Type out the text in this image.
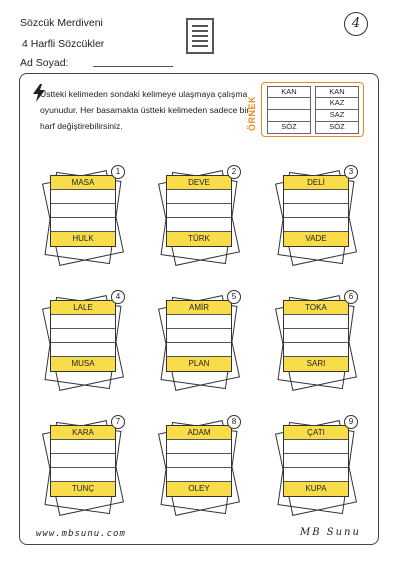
Sözcük Merdiveni
4 Harfli Sözcükler
Ad Soyad:
4
Üstteki kelimeden sondaki kelimeye ulaşmaya çalışma oyunudur. Her basamakta üstteki kelimeden sadece bir harf değiştirebilirsiniz.	ÖRNEK
KAN
SÖZ
KAN
KAZ
SAZ
SÖZ
MASA
HULK
1
DEVE
TÜRK
2
DELİ
VADE
3
LALE
MUSA
4
AMİR
PLAN
5
TOKA
SARI
6
KARA
TUNÇ
7
ADAM
OLEY
8
ÇATI
KUPA
9
www.mbsunu.com	MB Sunu
